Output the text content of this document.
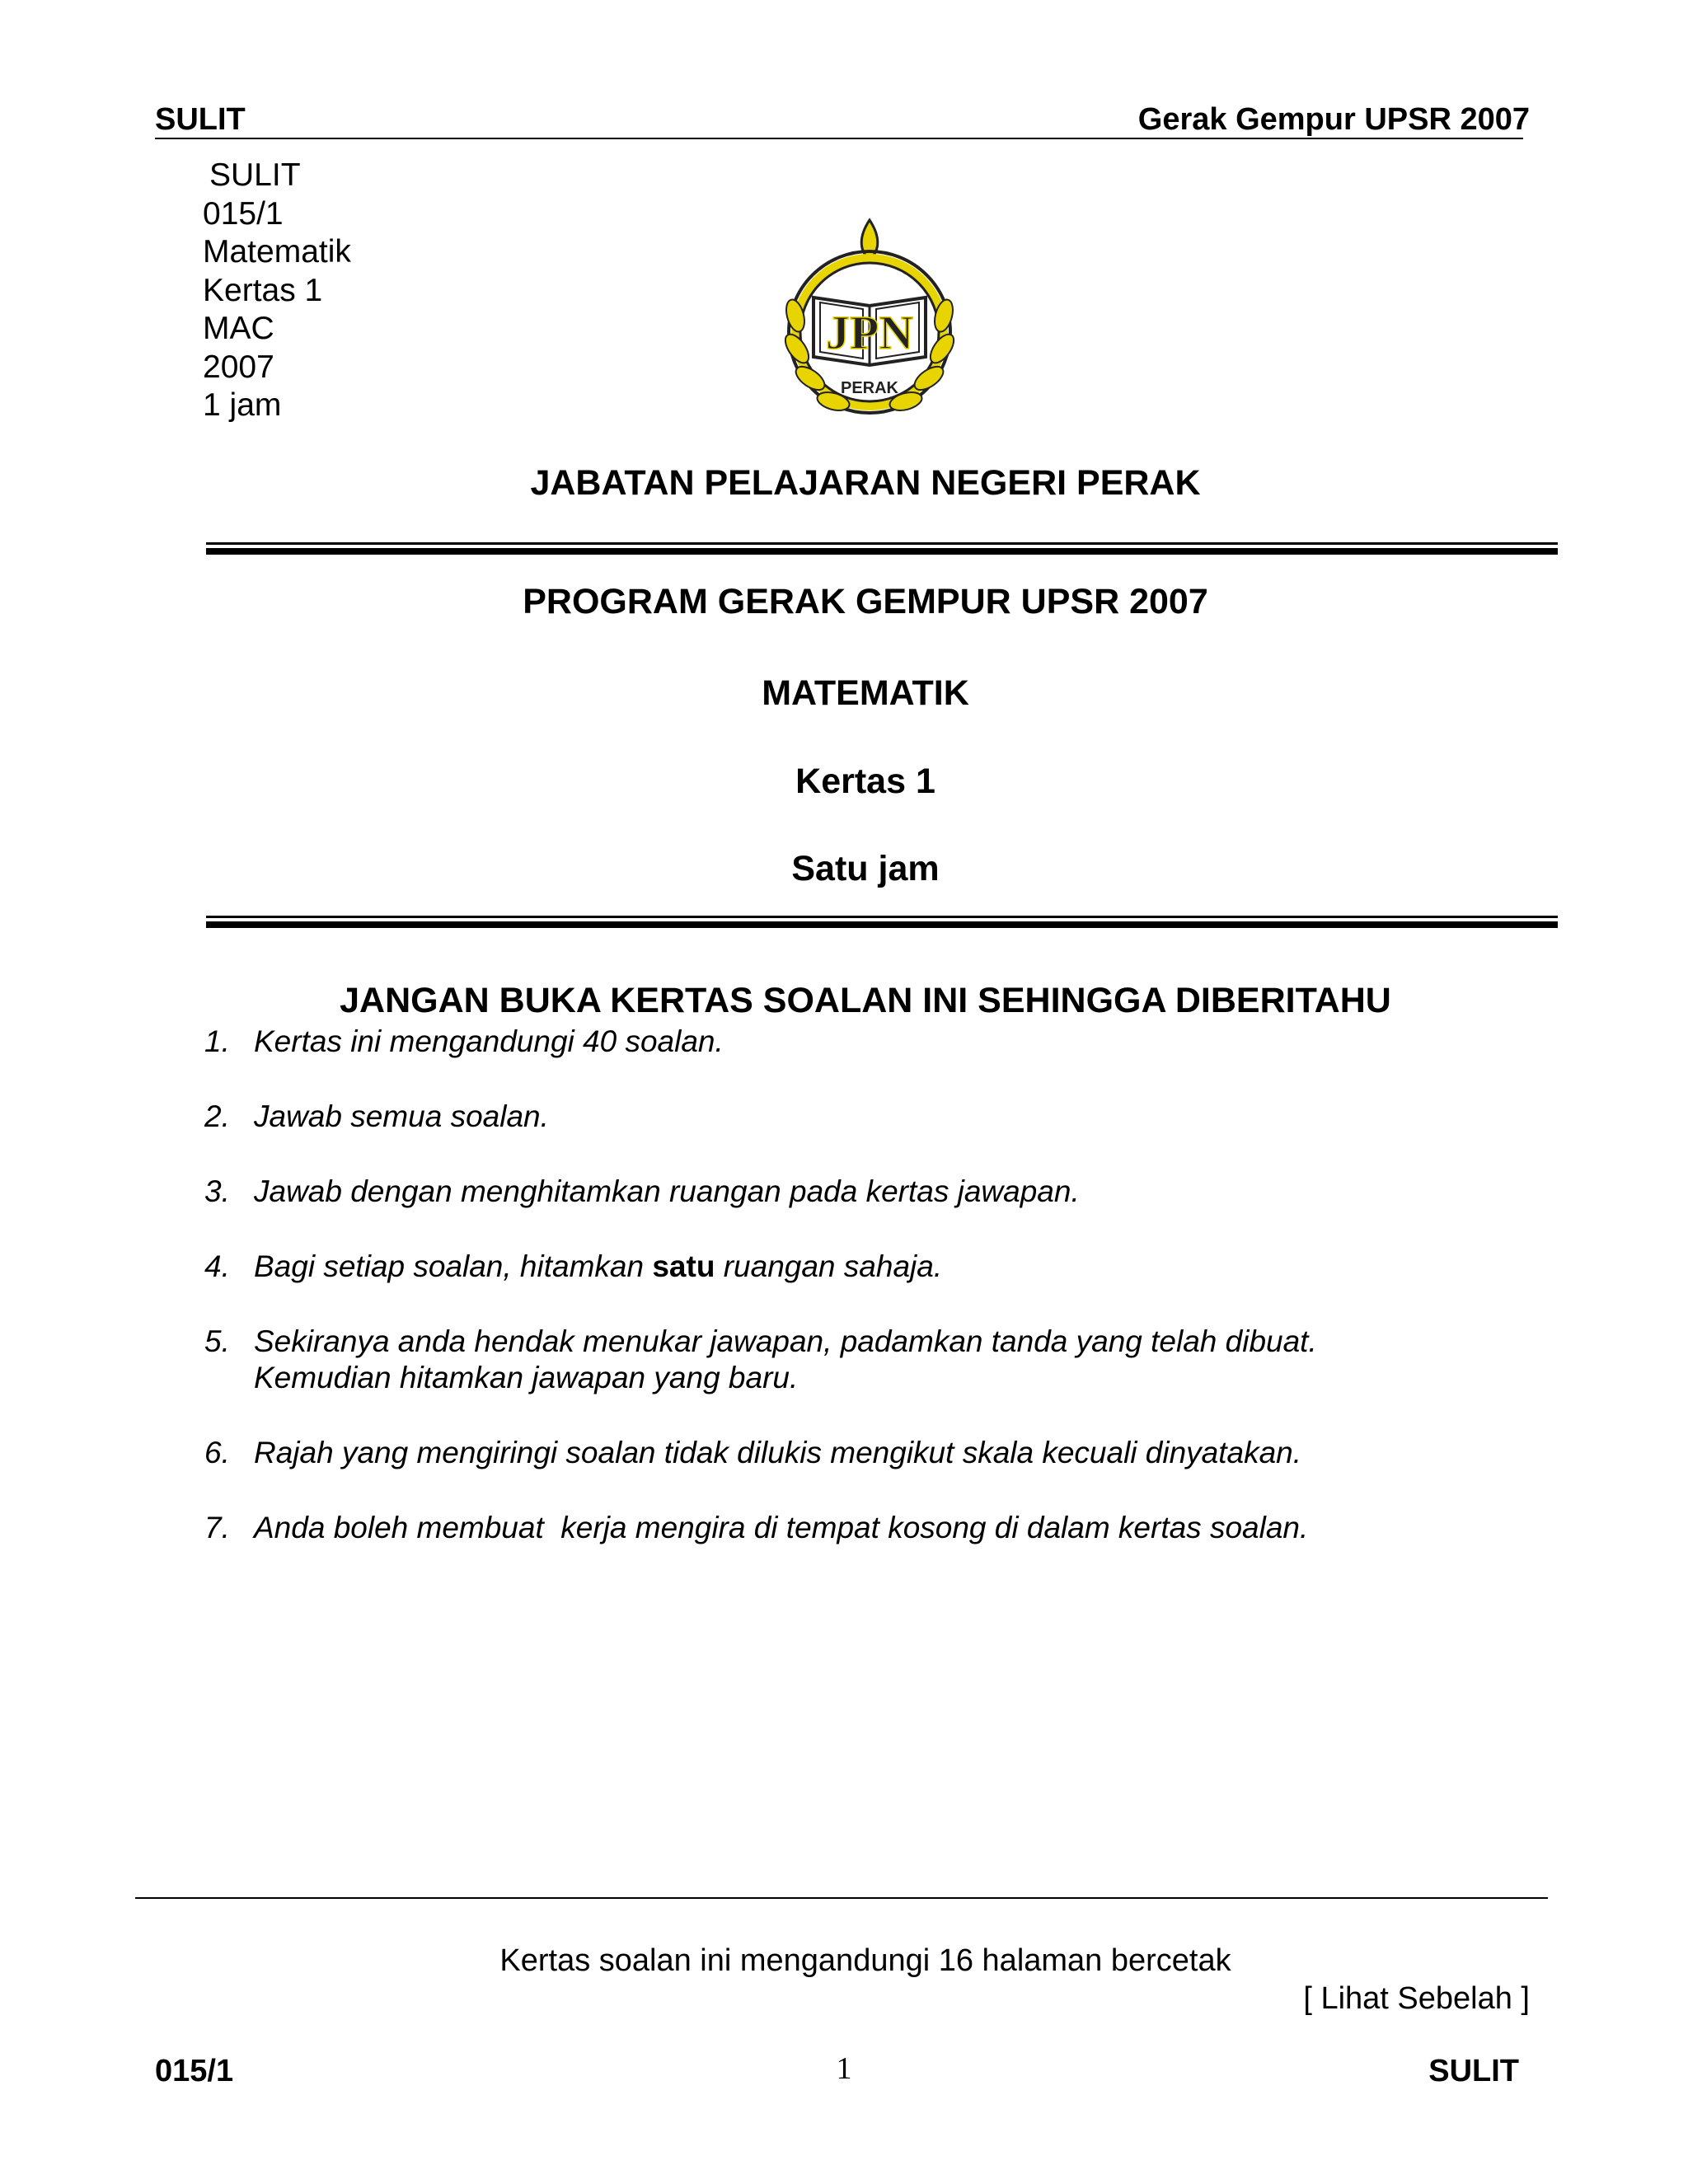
SULIT	Gerak Gempur UPSR 2007
SULIT
015/1
Matematik
Kertas 1
MAC
2007
1 jam
JPN
PERAK
JABATAN PELAJARAN NEGERI PERAK
PROGRAM GERAK GEMPUR UPSR 2007
MATEMATIK
Kertas 1
Satu jam
JANGAN BUKA KERTAS SOALAN INI SEHINGGA DIBERITAHU
1. Kertas ini mengandungi 40 soalan.
2. Jawab semua soalan.
3. Jawab dengan menghitamkan ruangan pada kertas jawapan.
4. Bagi setiap soalan, hitamkan satu ruangan sahaja.
5. Sekiranya anda hendak menukar jawapan, padamkan tanda yang telah dibuat.
Kemudian hitamkan jawapan yang baru.
6. Rajah yang mengiringi soalan tidak dilukis mengikut skala kecuali dinyatakan.
7. Anda boleh membuat  kerja mengira di tempat kosong di dalam kertas soalan.
Kertas soalan ini mengandungi 16 halaman bercetak
[ Lihat Sebelah ]
015/1	1	SULIT
